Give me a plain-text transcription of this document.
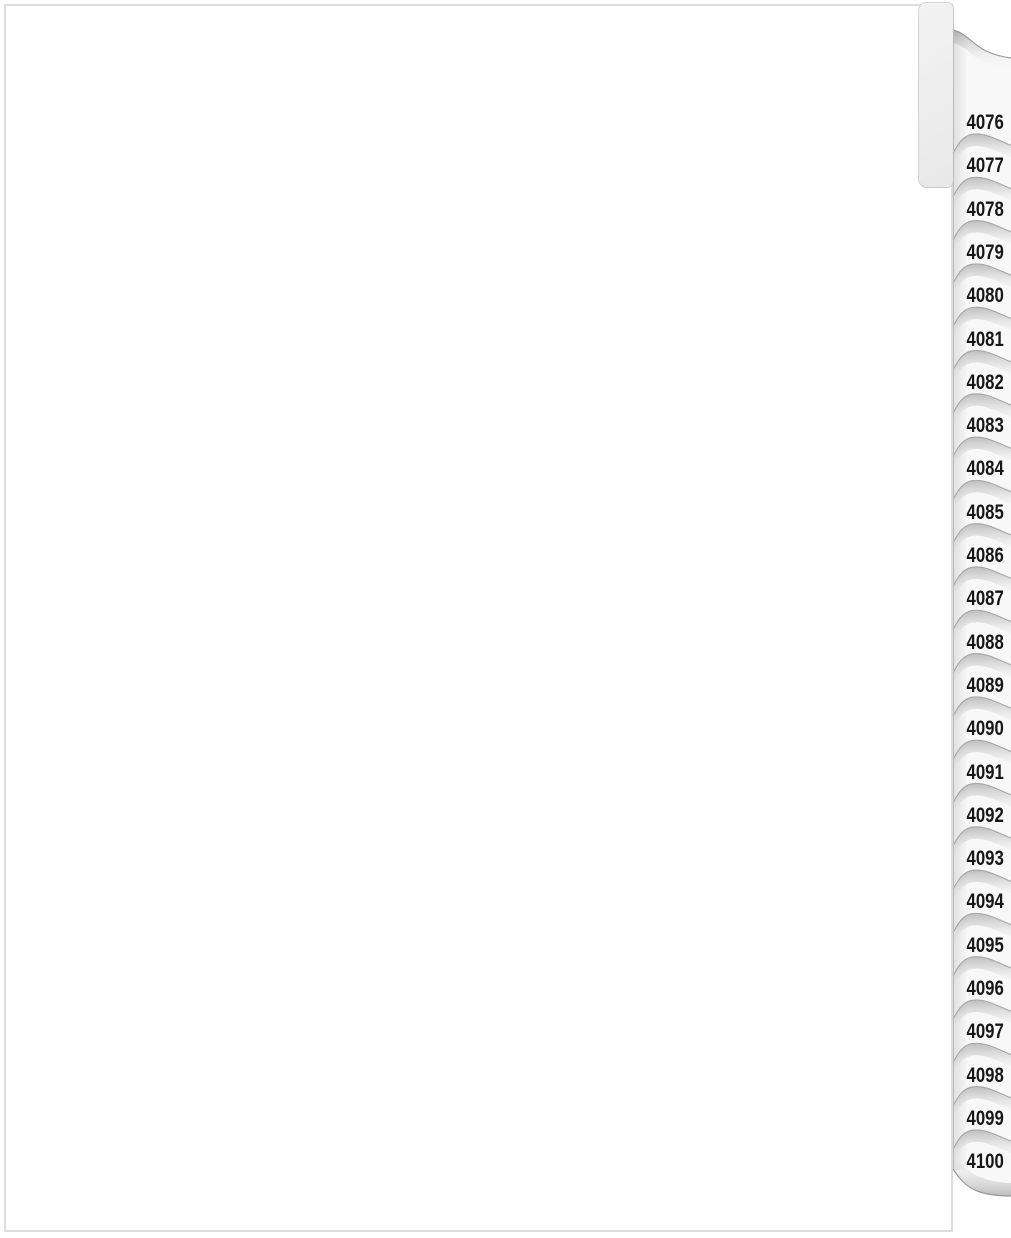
4076
4077
4078
4079
4080
4081
4082
4083
4084
4085
4086
4087
4088
4089
4090
4091
4092
4093
4094
4095
4096
4097
4098
4099
4100
